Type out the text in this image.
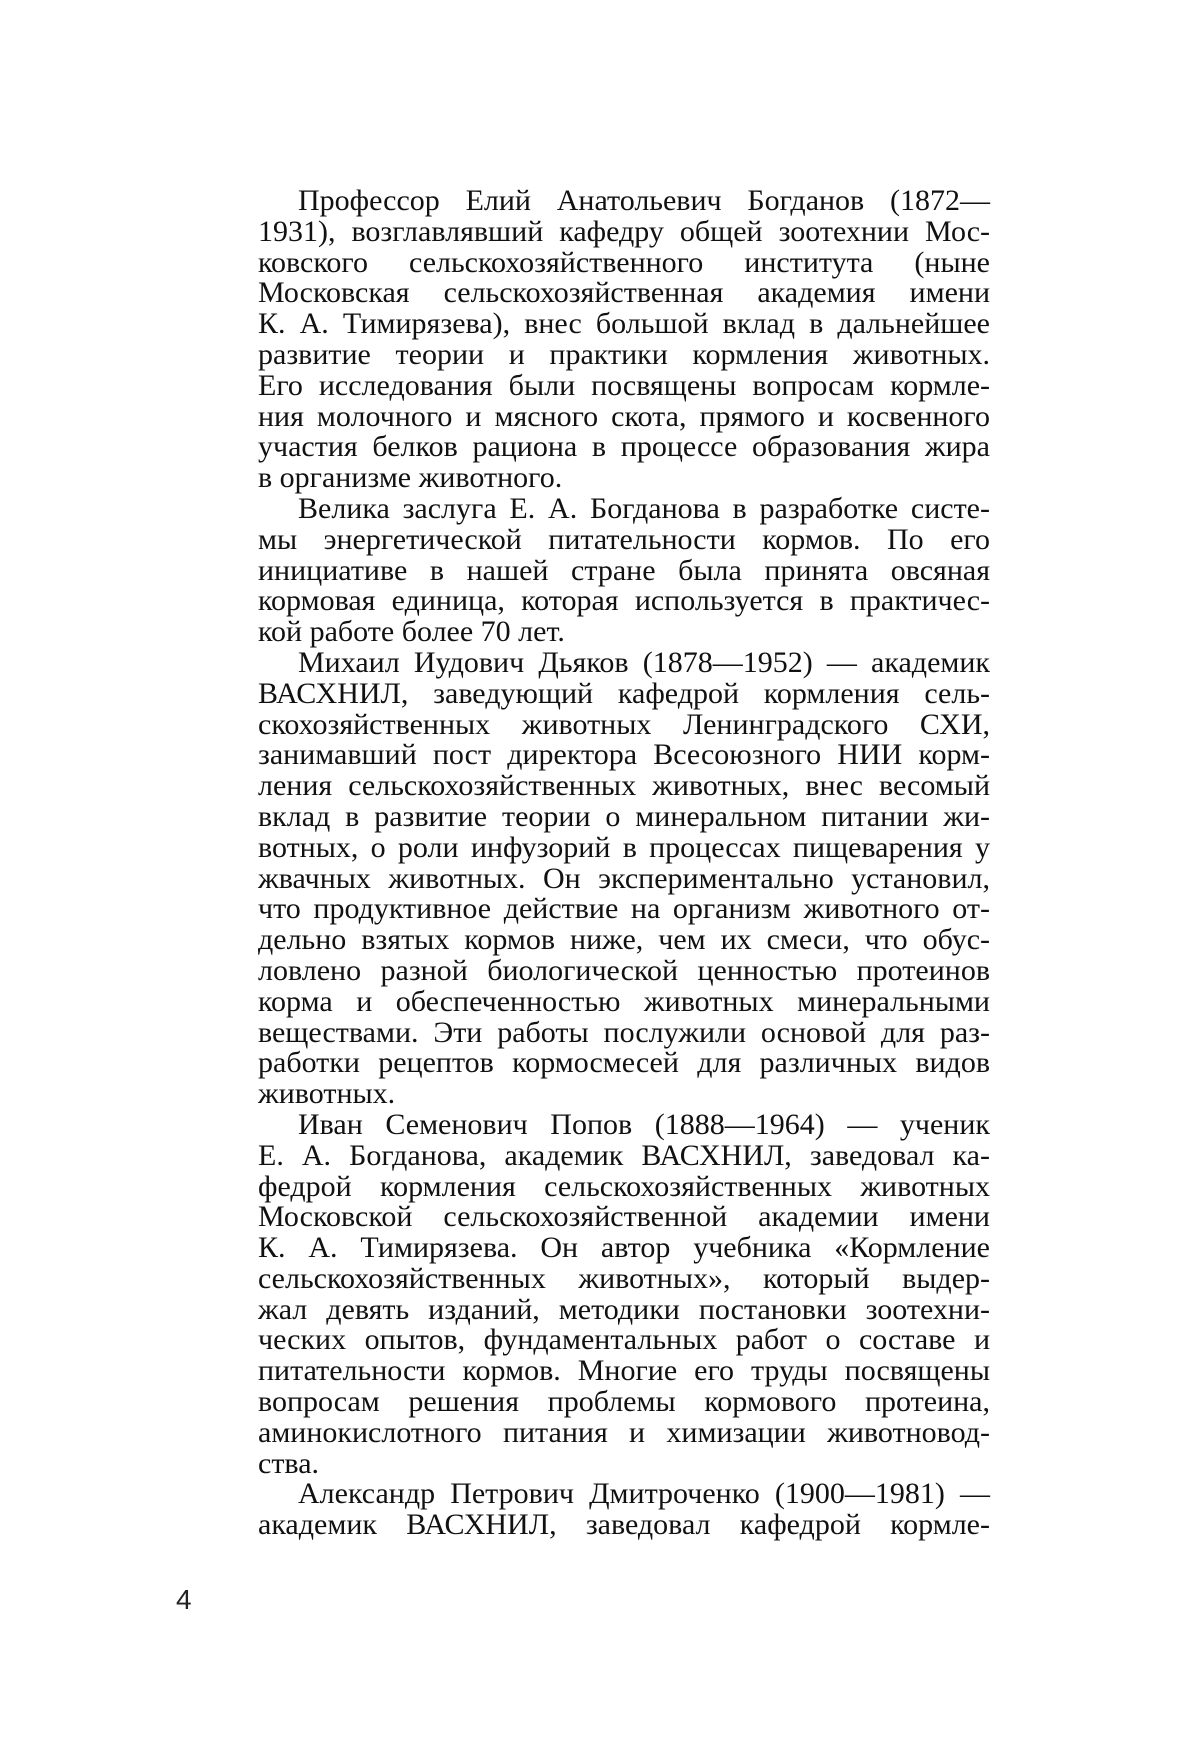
Профессор Елий Анатольевич Богданов (1872—
1931), возглавлявший кафедру общей зоотехнии Мос-
ковского сельскохозяйственного института (ныне
Московская сельскохозяйственная академия имени
К. А. Тимирязева), внес большой вклад в дальнейшее
развитие теории и практики кормления животных.
Его исследования были посвящены вопросам кормле-
ния молочного и мясного скота, прямого и косвенного
участия белков рациона в процессе образования жира
в организме животного.
Велика заслуга Е. А. Богданова в разработке систе-
мы энергетической питательности кормов. По его
инициативе в нашей стране была принята овсяная
кормовая единица, которая используется в практичес-
кой работе более 70 лет.
Михаил Иудович Дьяков (1878—1952) — академик
ВАСХНИЛ, заведующий кафедрой кормления сель-
скохозяйственных животных Ленинградского СХИ,
занимавший пост директора Всесоюзного НИИ корм-
ления сельскохозяйственных животных, внес весомый
вклад в развитие теории о минеральном питании жи-
вотных, о роли инфузорий в процессах пищеварения у
жвачных животных. Он экспериментально установил,
что продуктивное действие на организм животного от-
дельно взятых кормов ниже, чем их смеси, что обус-
ловлено разной биологической ценностью протеинов
корма и обеспеченностью животных минеральными
веществами. Эти работы послужили основой для раз-
работки рецептов кормосмесей для различных видов
животных.
Иван Семенович Попов (1888—1964) — ученик
Е. А. Богданова, академик ВАСХНИЛ, заведовал ка-
федрой кормления сельскохозяйственных животных
Московской сельскохозяйственной академии имени
К. А. Тимирязева. Он автор учебника «Кормление
сельскохозяйственных животных», который выдер-
жал девять изданий, методики постановки зоотехни-
ческих опытов, фундаментальных работ о составе и
питательности кормов. Многие его труды посвящены
вопросам решения проблемы кормового протеина,
аминокислотного питания и химизации животновод-
ства.
Александр Петрович Дмитроченко (1900—1981) —
академик ВАСХНИЛ, заведовал кафедрой кормле-
4
